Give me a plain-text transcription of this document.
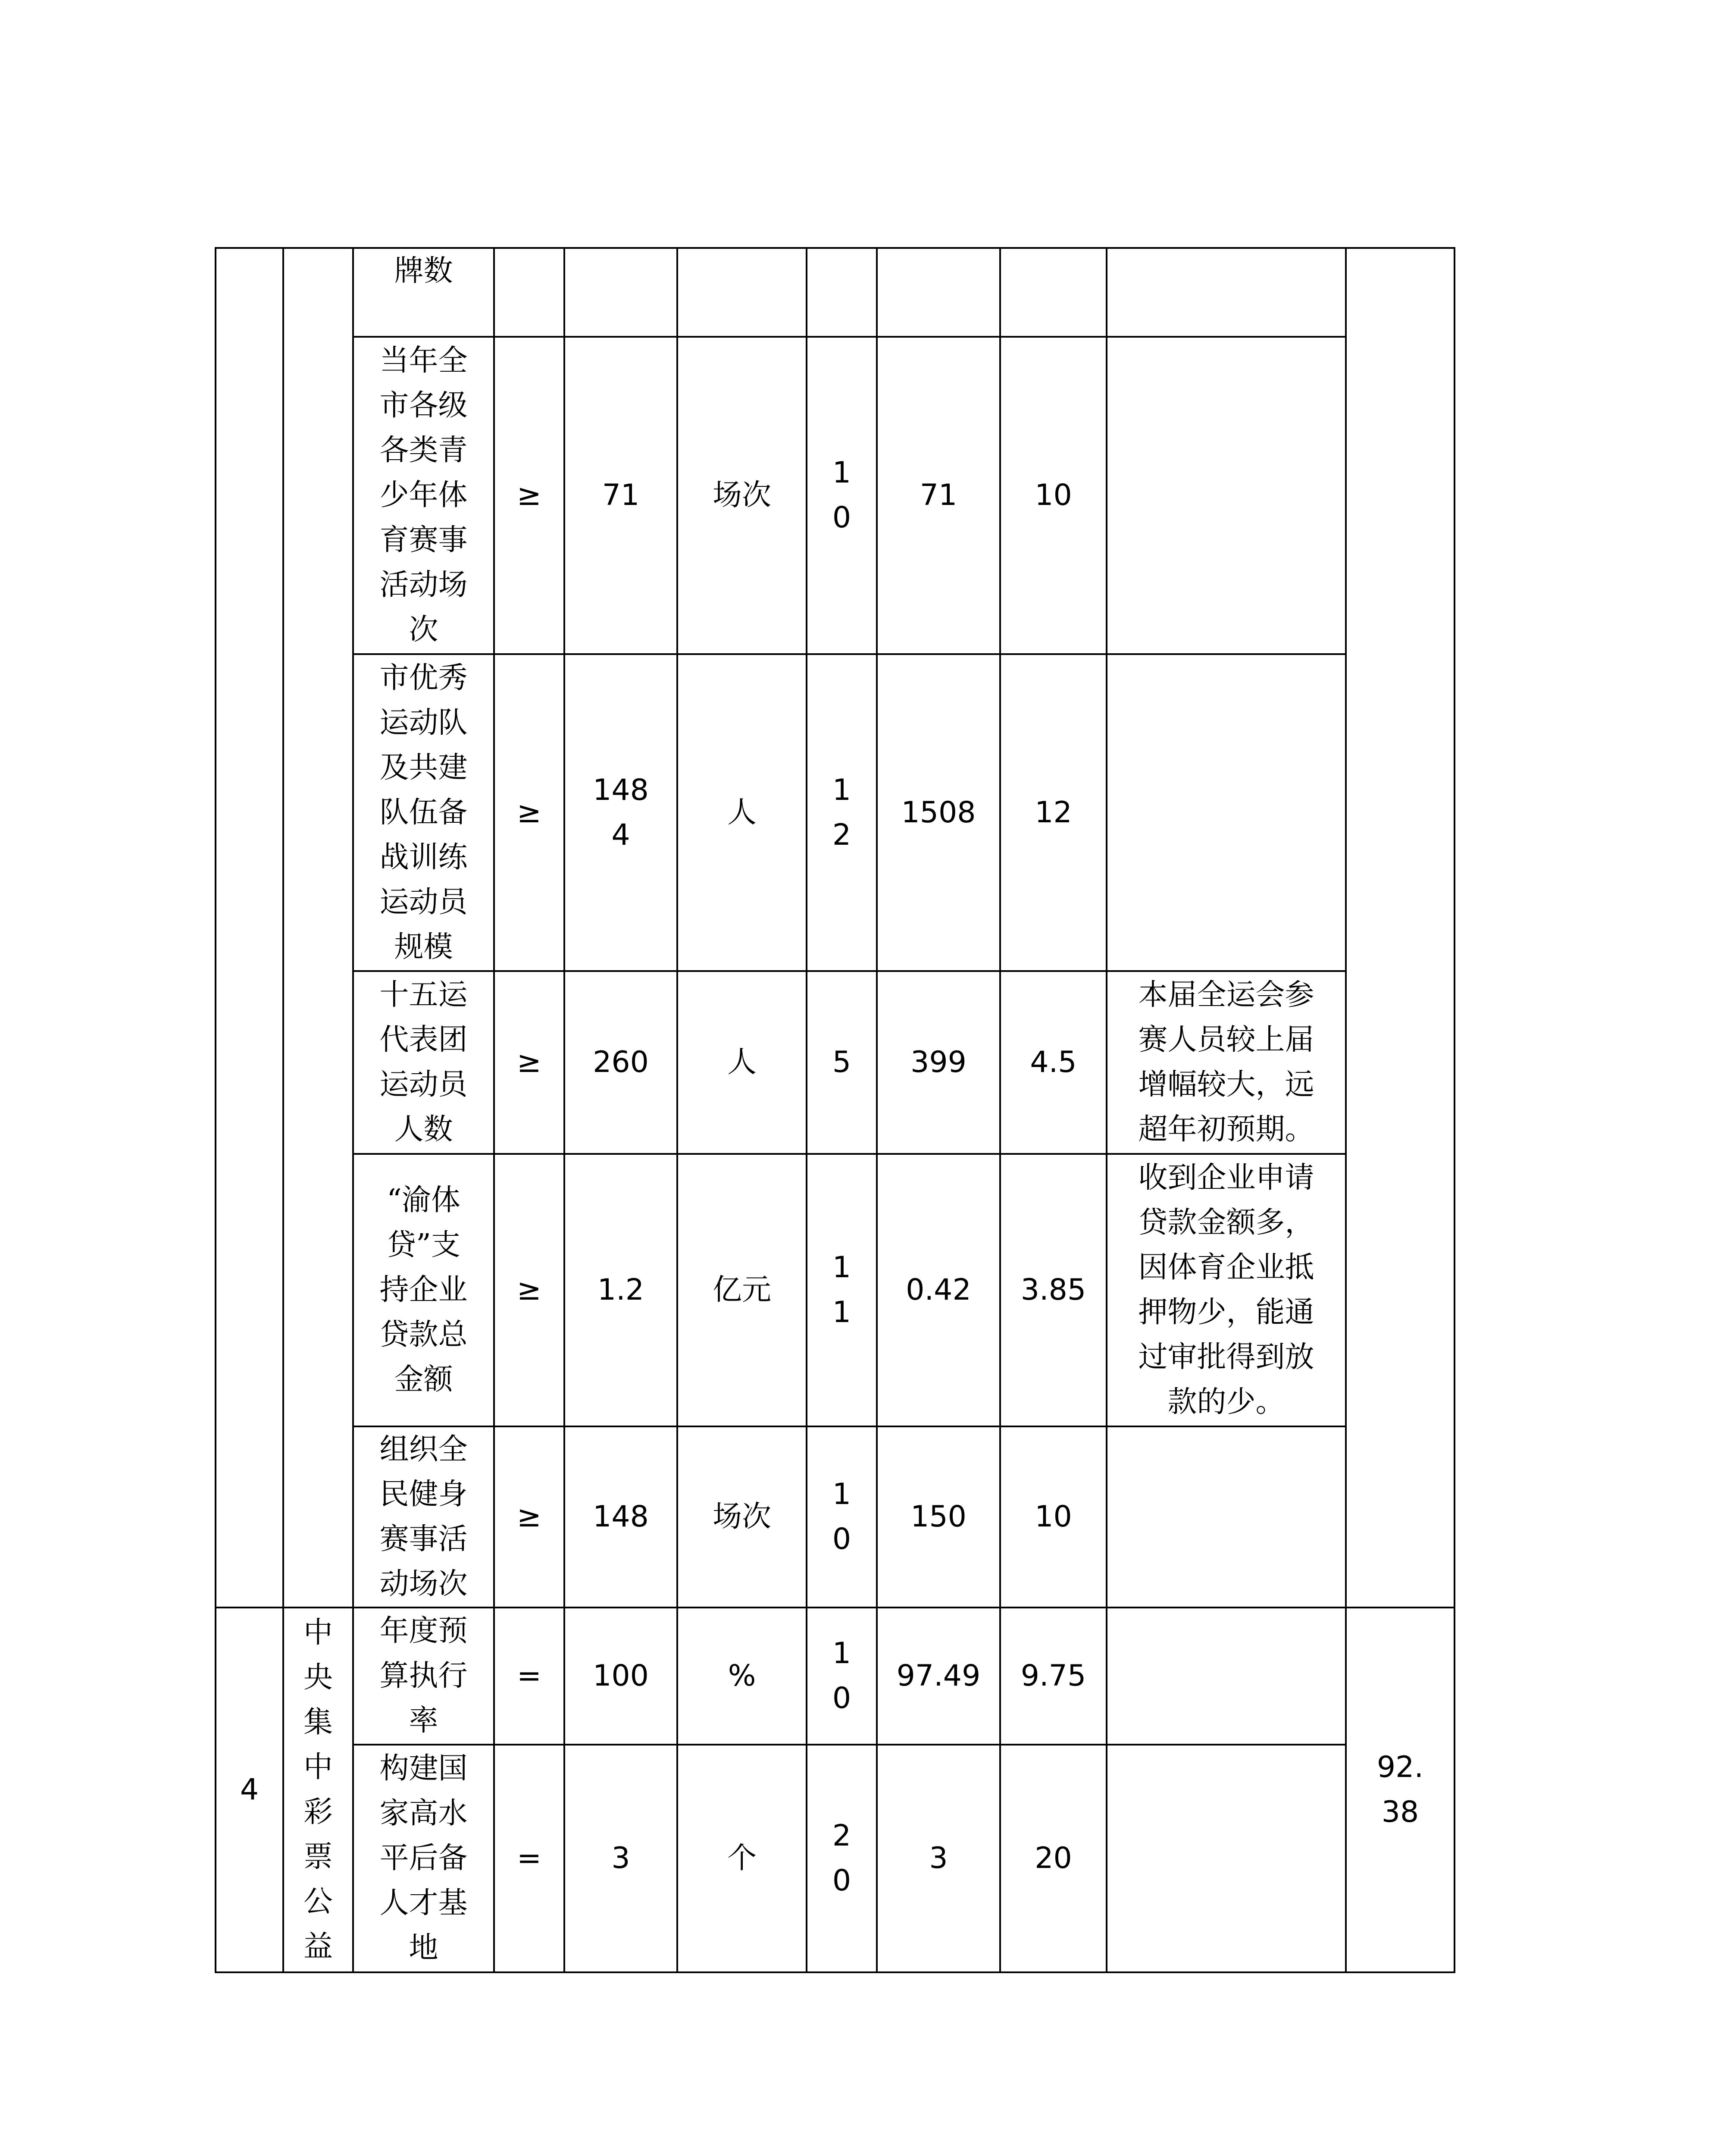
		牌数								

		当年全市各级各类青少年体育赛事活动场次	≥	71	场次	10	71	10		

		市优秀运动队及共建队伍备战训练运动员规模	≥	1484	人	12	1508	12		

		十五运代表团运动员人数	≥	260	人	5	399	4.5	本届全运会参赛人员较上届增幅较大，远超年初预期。	

		“渝体贷”支持企业贷款总金额	≥	1.2	亿元	11	0.42	3.85	收到企业申请贷款金额多，因体育企业抵押物少，能通过审批得到放款的少。	

		组织全民健身赛事活动场次	≥	148	场次	10	150	10		

4	中央集中彩票公益	年度预算执行率	=	100	%	10	97.49	9.75		92.38

		构建国家高水平后备人才基地	=	3	个	20	3	20		
